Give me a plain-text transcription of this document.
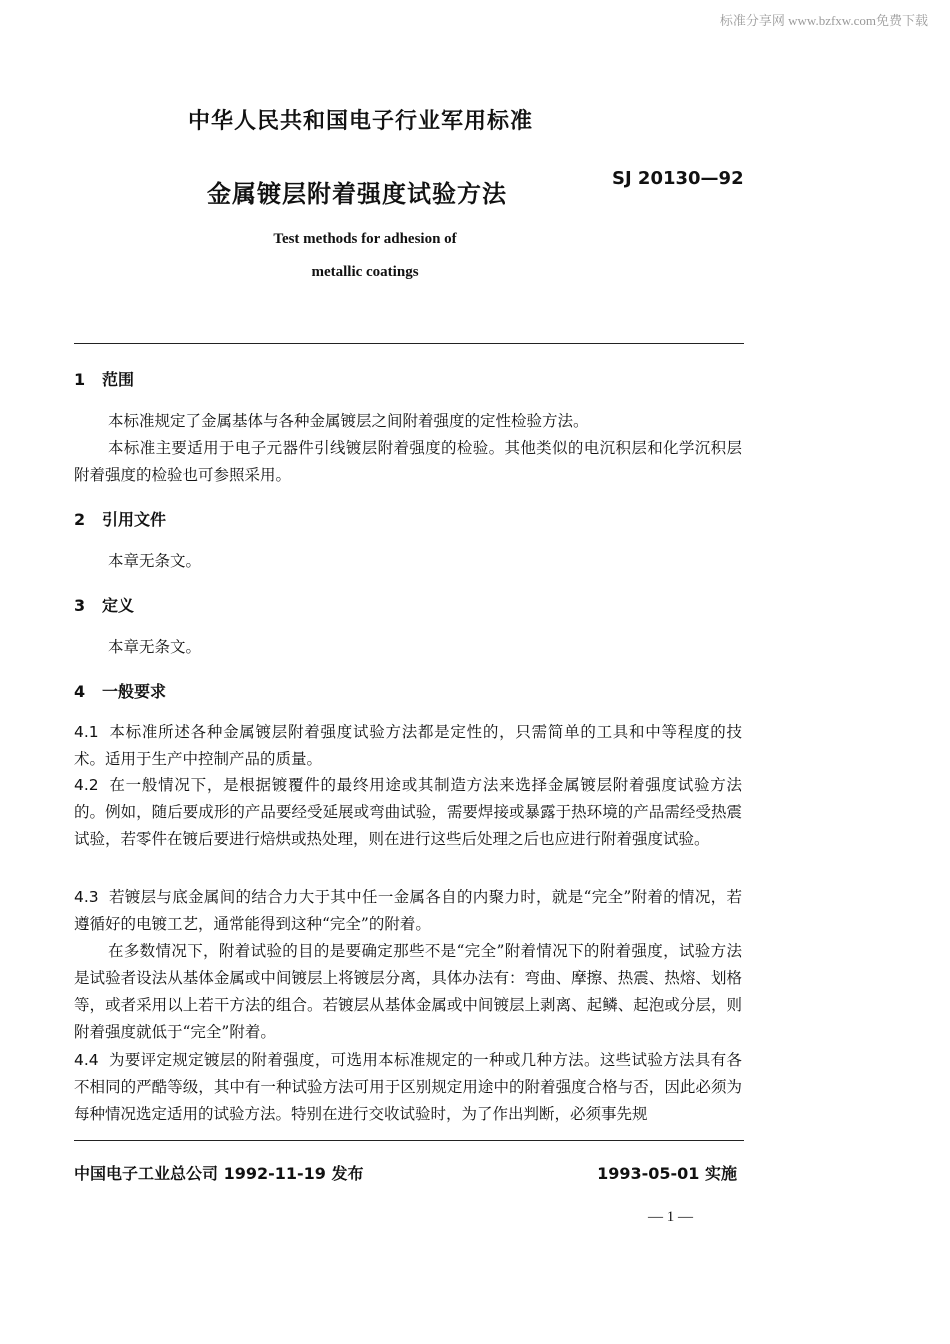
标准分享网 www.bzfxw.com免费下载
中华人民共和国电子行业军用标准
金属镀层附着强度试验方法
SJ 20130—92
Test methods for adhesion of
metallic coatings
1 范围
本标准规定了金属基体与各种金属镀层之间附着强度的定性检验方法。
本标准主要适用于电子元器件引线镀层附着强度的检验。其他类似的电沉积层和化学沉积层附着强度的检验也可参照采用。
2 引用文件
本章无条文。
3 定义
本章无条文。
4 一般要求
4.1 本标准所述各种金属镀层附着强度试验方法都是定性的，只需简单的工具和中等程度的技术。适用于生产中控制产品的质量。
4.2 在一般情况下，是根据镀覆件的最终用途或其制造方法来选择金属镀层附着强度试验方法的。例如，随后要成形的产品要经受延展或弯曲试验，需要焊接或暴露于热环境的产品需经受热震试验，若零件在镀后要进行焙烘或热处理，则在进行这些后处理之后也应进行附着强度试验。
4.3 若镀层与底金属间的结合力大于其中任一金属各自的内聚力时，就是“完全”附着的情况，若遵循好的电镀工艺，通常能得到这种“完全”的附着。
在多数情况下，附着试验的目的是要确定那些不是“完全”附着情况下的附着强度，试验方法是试验者设法从基体金属或中间镀层上将镀层分离，具体办法有：弯曲、摩擦、热震、热熔、划格等，或者采用以上若干方法的组合。若镀层从基体金属或中间镀层上剥离、起鳞、起泡或分层，则附着强度就低于“完全”附着。
4.4 为要评定规定镀层的附着强度，可选用本标准规定的一种或几种方法。这些试验方法具有各不相同的严酷等级，其中有一种试验方法可用于区别规定用途中的附着强度合格与否，因此必须为每种情况选定适用的试验方法。特别在进行交收试验时，为了作出判断，必须事先规
中国电子工业总公司 1992-11-19 发布	1993-05-01 实施
— 1 —
